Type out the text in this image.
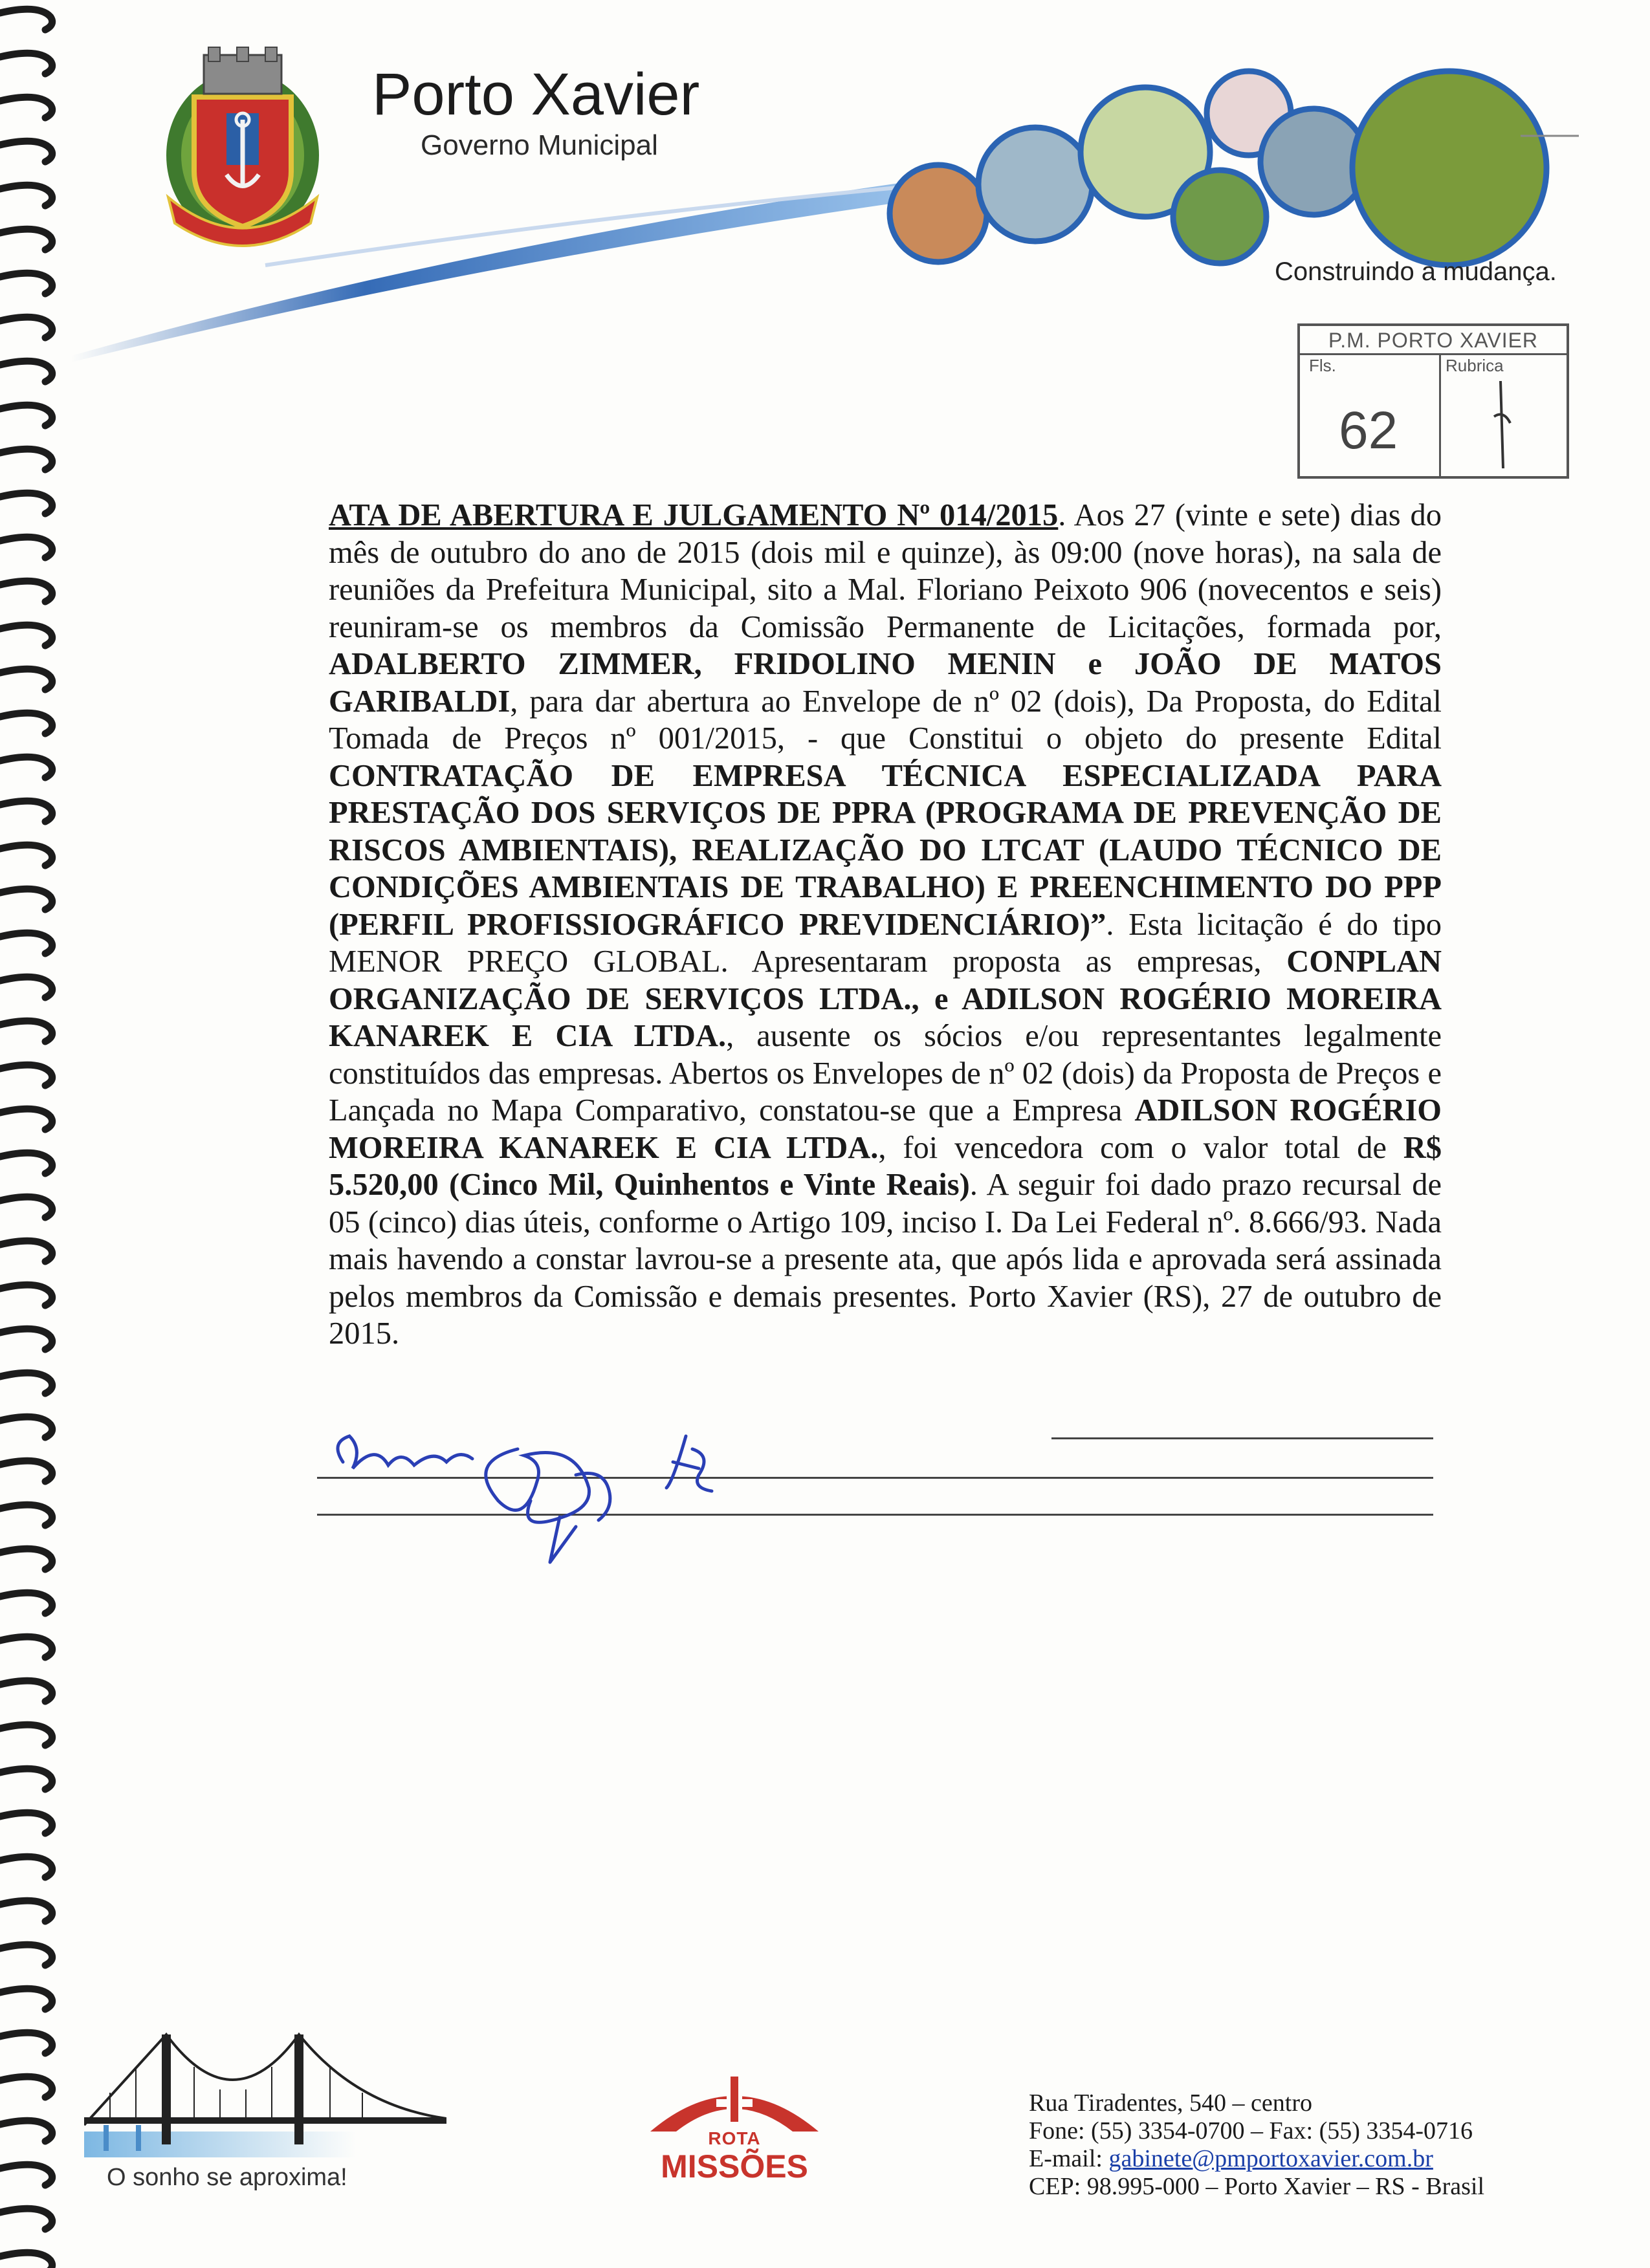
Porto Xavier
Governo Municipal
Construindo a mudança.
P.M. PORTO XAVIER
Fls.	Rubrica
62
ATA DE ABERTURA E JULGAMENTO Nº 014/2015. Aos 27 (vinte e sete) dias do mês de outubro do ano de 2015 (dois mil e quinze), às 09:00 (nove horas), na sala de reuniões da Prefeitura Municipal, sito a Mal. Floriano Peixoto 906 (novecentos e seis) reuniram-se os membros da Comissão Permanente de Licitações, formada por, ADALBERTO ZIMMER, FRIDOLINO MENIN e JOÃO DE MATOS GARIBALDI, para dar abertura ao Envelope de nº 02 (dois), Da Proposta, do Edital Tomada de Preços nº 001/2015, - que Constitui o objeto do presente Edital CONTRATAÇÃO DE EMPRESA TÉCNICA ESPECIALIZADA PARA PRESTAÇÃO DOS SERVIÇOS DE PPRA (PROGRAMA DE PREVENÇÃO DE RISCOS AMBIENTAIS), REALIZAÇÃO DO LTCAT (LAUDO TÉCNICO DE CONDIÇÕES AMBIENTAIS DE TRABALHO) E PREENCHIMENTO DO PPP (PERFIL PROFISSIOGRÁFICO PREVIDENCIÁRIO)”. Esta licitação é do tipo MENOR PREÇO GLOBAL. Apresentaram proposta as empresas, CONPLAN ORGANIZAÇÃO DE SERVIÇOS LTDA., e ADILSON ROGÉRIO MOREIRA KANAREK E CIA LTDA., ausente os sócios e/ou representantes legalmente constituídos das empresas. Abertos os Envelopes de nº 02 (dois) da Proposta de Preços e Lançada no Mapa Comparativo, constatou-se que a Empresa ADILSON ROGÉRIO MOREIRA KANAREK E CIA LTDA., foi vencedora com o valor total de R$ 5.520,00 (Cinco Mil, Quinhentos e Vinte Reais). A seguir foi dado prazo recursal de 05 (cinco) dias úteis, conforme o Artigo 109, inciso I. Da Lei Federal nº. 8.666/93. Nada mais havendo a constar lavrou-se a presente ata, que após lida e aprovada será assinada pelos membros da Comissão e demais presentes. Porto Xavier (RS), 27 de outubro de 2015.
O sonho se aproxima!
ROTA
MISSÕES
Rua Tiradentes, 540 – centro
Fone: (55) 3354-0700 – Fax: (55) 3354-0716
E-mail: gabinete@pmportoxavier.com.br
CEP: 98.995-000 – Porto Xavier – RS - Brasil
